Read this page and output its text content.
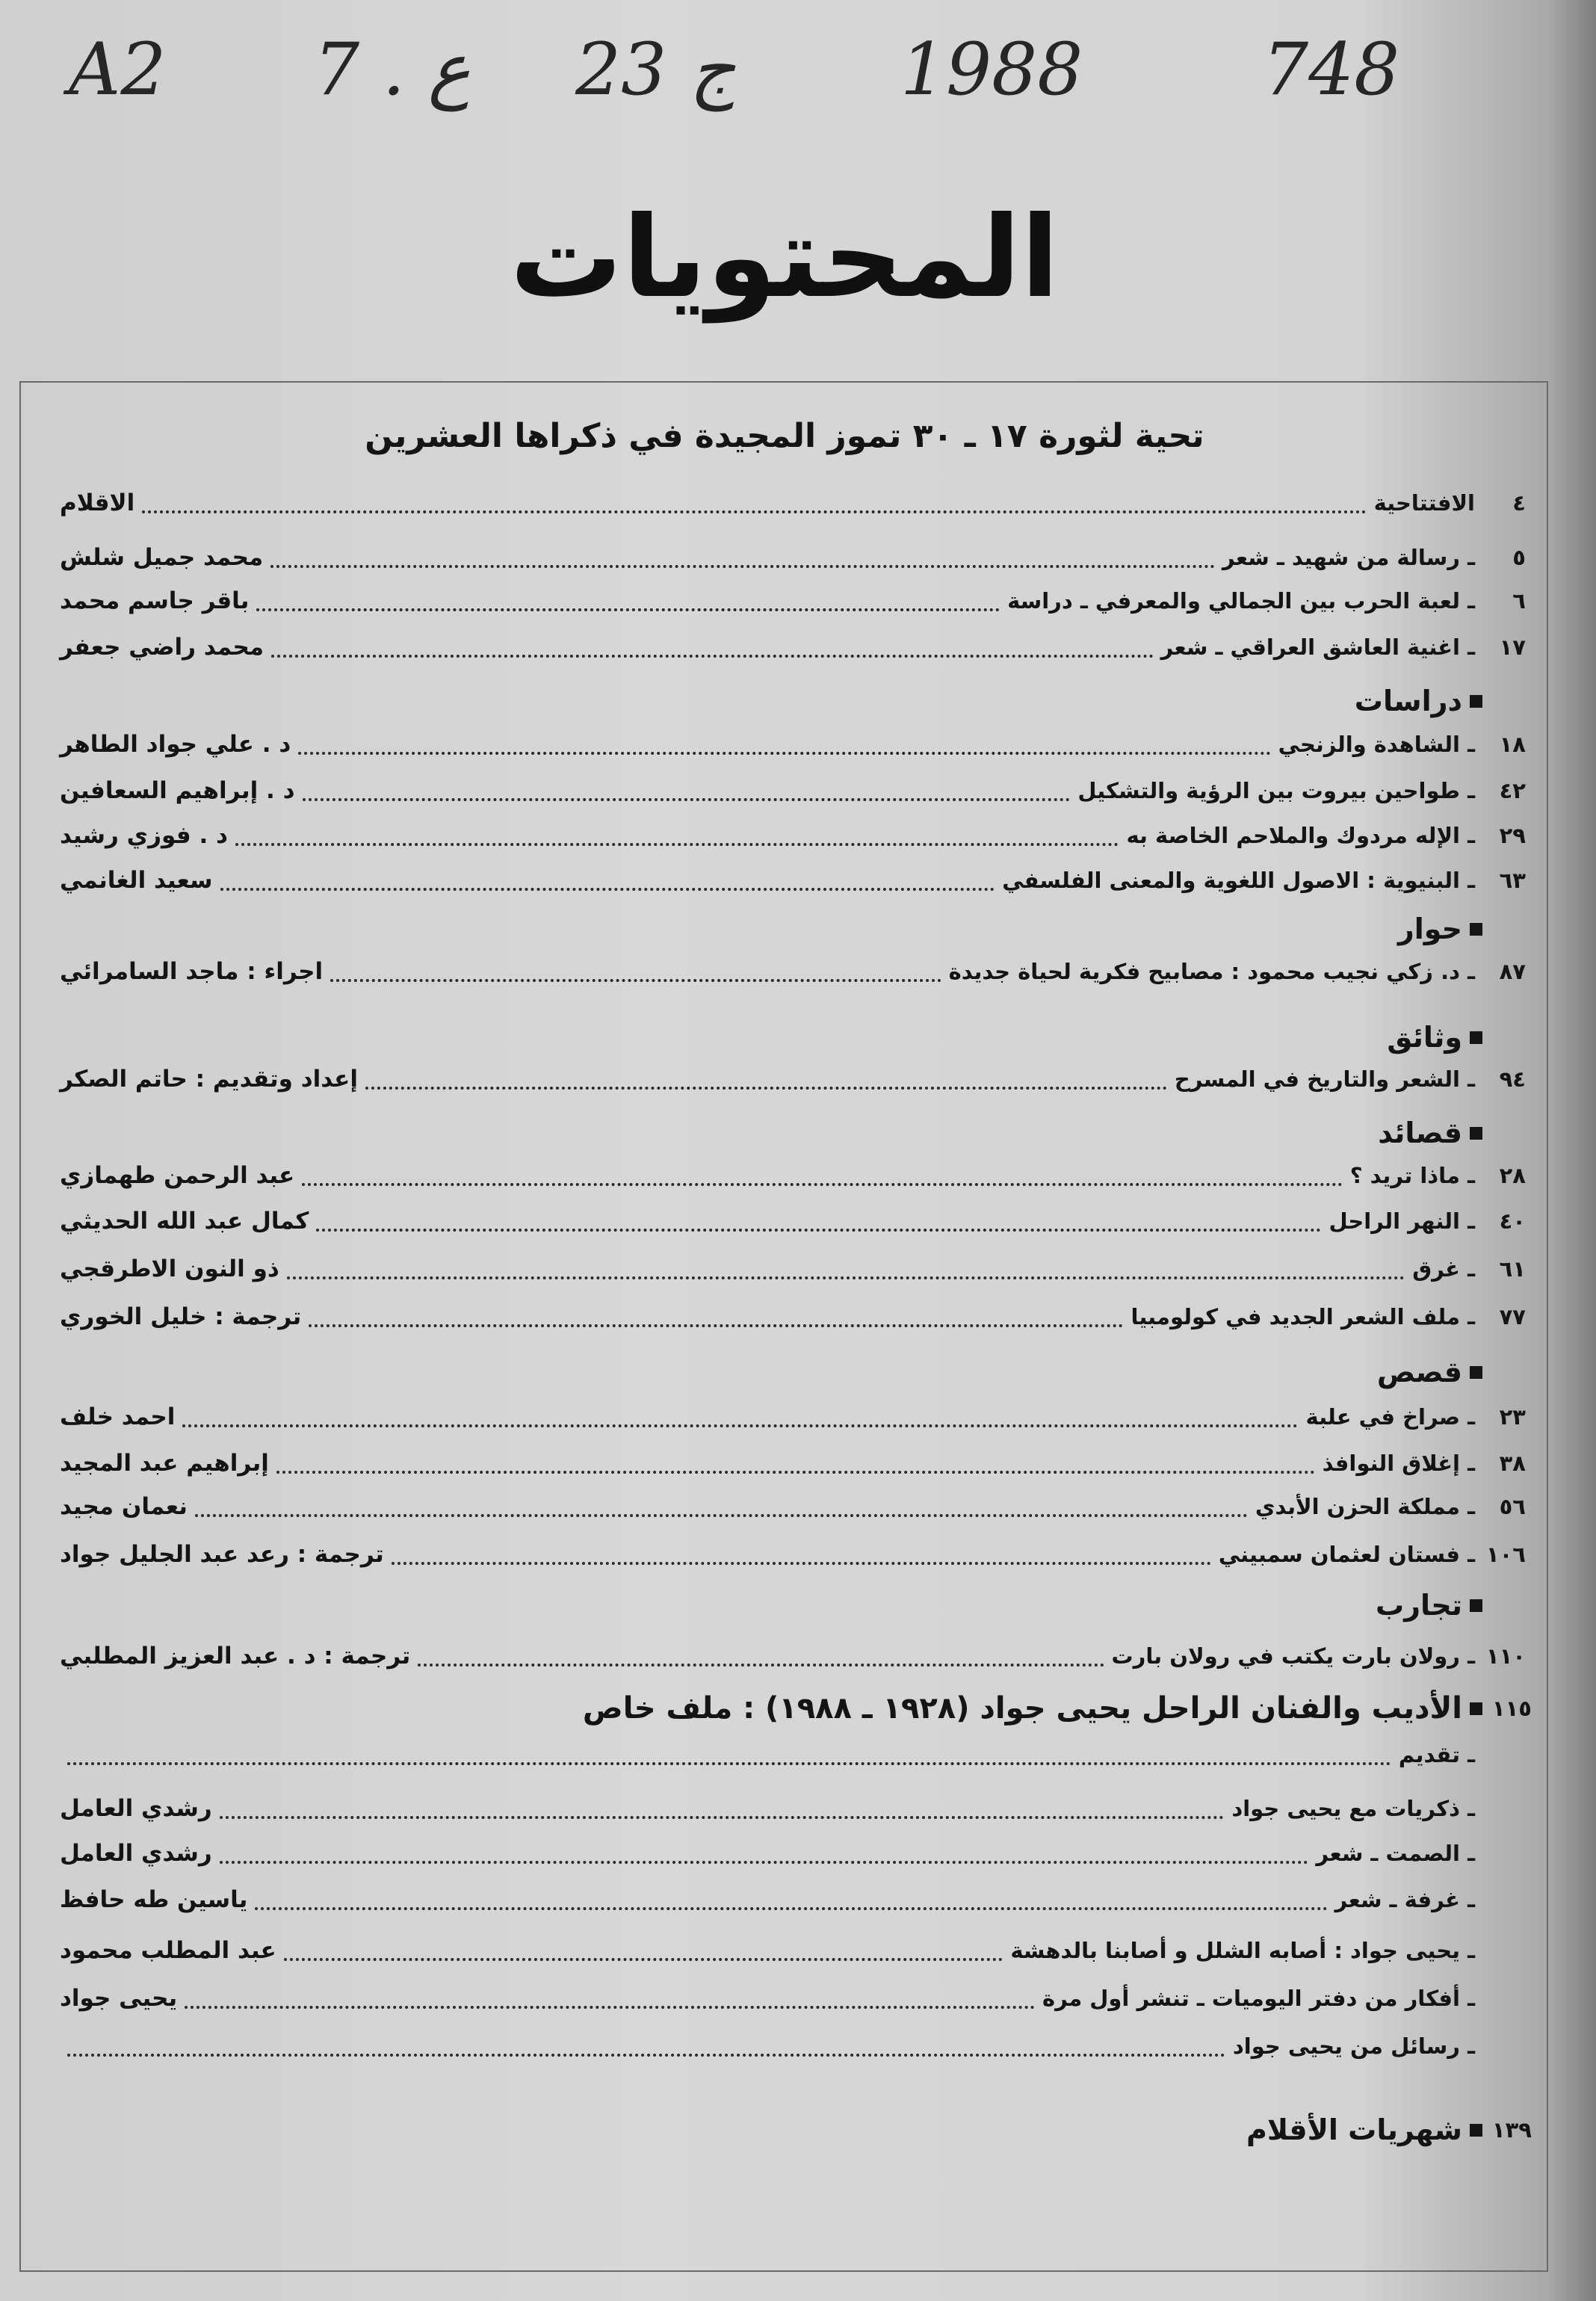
A2 7 . ع 23 ج 1988	748
المحتويات
تحية لثورة ١٧ ـ ٣٠ تموز المجيدة في ذكراها العشرين
٤
الافتتاحية
الاقلام
٥
ـ رسالة من شهيد ـ شعر
محمد جميل شلش
٦
ـ لعبة الحرب بين الجمالي والمعرفي ـ دراسة
باقر جاسم محمد
١٧
ـ اغنية العاشق العراقي ـ شعر
محمد راضي جعفر
دراسات
١٨
ـ الشاهدة والزنجي
د . علي جواد الطاهر
٤٢
ـ طواحين بيروت بين الرؤية والتشكيل
د . إبراهيم السعافين
٢٩
ـ الإله مردوك والملاحم الخاصة به
د . فوزي رشيد
٦٣
ـ البنيوية : الاصول اللغوية والمعنى الفلسفي
سعيد الغانمي
حوار
٨٧
ـ د. زكي نجيب محمود : مصابيح فكرية لحياة جديدة
اجراء : ماجد السامرائي
وثائق
٩٤
ـ الشعر والتاريخ في المسرح
إعداد وتقديم : حاتم الصكر
قصائد
٢٨
ـ ماذا تريد ؟
عبد الرحمن طهمازي
٤٠
ـ النهر الراحل
كمال عبد الله الحديثي
٦١
ـ غرق
ذو النون الاطرقجي
٧٧
ـ ملف الشعر الجديد في كولومبيا
ترجمة : خليل الخوري
قصص
٢٣
ـ صراخ في علبة
احمد خلف
٣٨
ـ إغلاق النوافذ
إبراهيم عبد المجيد
٥٦
ـ مملكة الحزن الأبدي
نعمان مجيد
١٠٦
ـ فستان لعثمان سمبيني
ترجمة : رعد عبد الجليل جواد
تجارب
١١٠
ـ رولان بارت يكتب في رولان بارت
ترجمة : د . عبد العزيز المطلبي
١١٥
الأديب والفنان الراحل يحيى جواد (١٩٢٨ ـ ١٩٨٨) : ملف خاص
ـ تقديم
ـ ذكريات مع يحيى جواد
رشدي العامل
ـ الصمت ـ شعر
رشدي العامل
ـ غرفة ـ شعر
ياسين طه حافظ
ـ يحيى جواد : أصابه الشلل و أصابنا بالدهشة
عبد المطلب محمود
ـ أفكار من دفتر اليوميات ـ تنشر أول مرة
يحيى جواد
ـ رسائل من يحيى جواد
١٣٩
شهريات الأقلام
